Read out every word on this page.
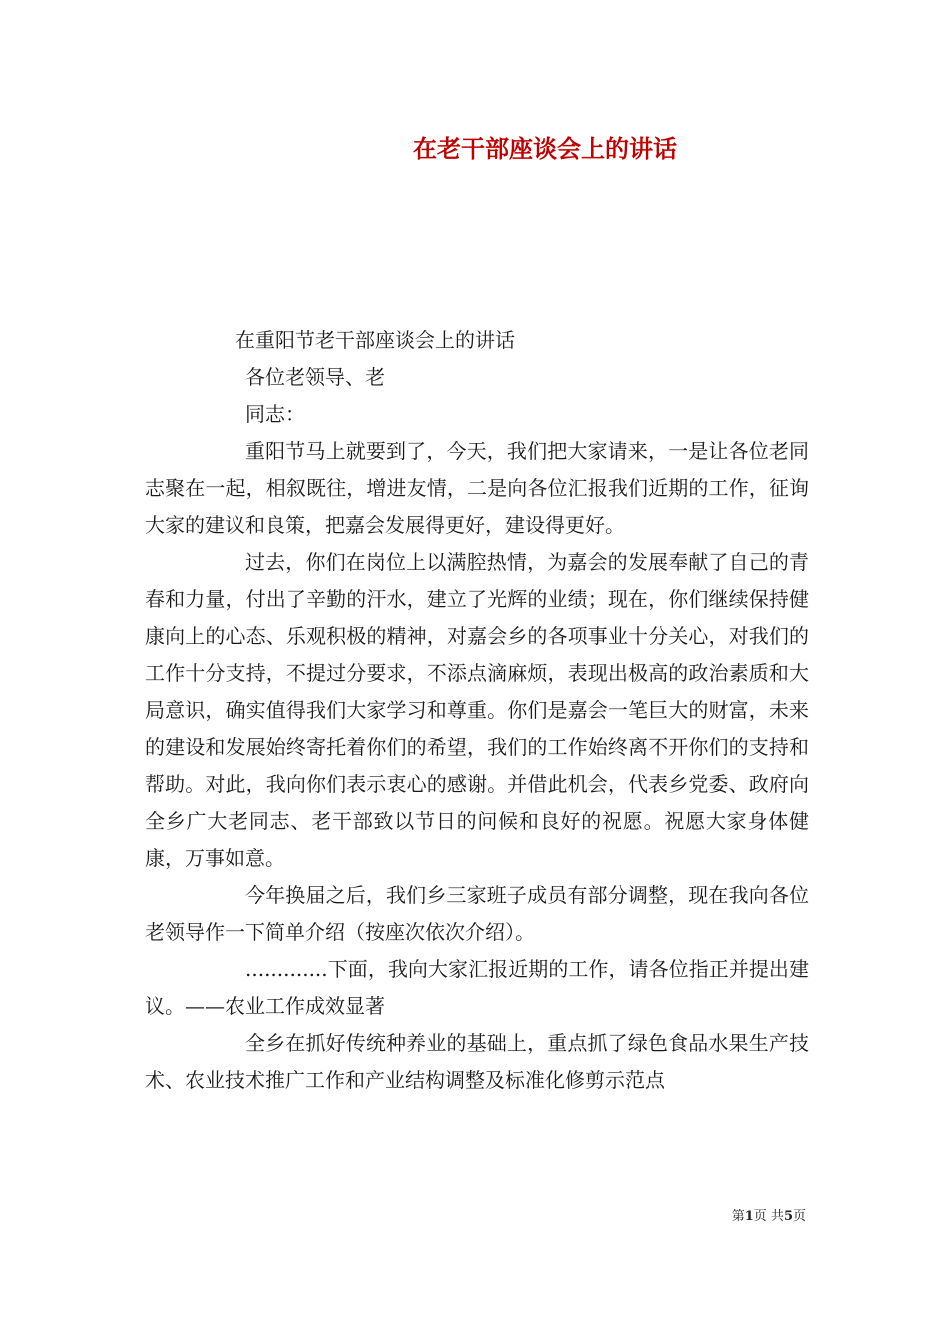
在老干部座谈会上的讲话

在重阳节老干部座谈会上的讲话

各位老领导、老

同志：

重阳节马上就要到了，今天，我们把大家请来，一是让各位老同志聚在一起，相叙既往，增进友情，二是向各位汇报我们近期的工作，征询大家的建议和良策，把嘉会发展得更好，建设得更好。

过去，你们在岗位上以满腔热情，为嘉会的发展奉献了自己的青春和力量，付出了辛勤的汗水，建立了光辉的业绩；现在，你们继续保持健康向上的心态、乐观积极的精神，对嘉会乡的各项事业十分关心，对我们的工作十分支持，不提过分要求，不添点滴麻烦，表现出极高的政治素质和大局意识，确实值得我们大家学习和尊重。你们是嘉会一笔巨大的财富，未来的建设和发展始终寄托着你们的希望，我们的工作始终离不开你们的支持和帮助。对此，我向你们表示衷心的感谢。并借此机会，代表乡党委、政府向全乡广大老同志、老干部致以节日的问候和良好的祝愿。祝愿大家身体健康，万事如意。

今年换届之后，我们乡三家班子成员有部分调整，现在我向各位老领导作一下简单介绍（按座次依次介绍）。

.............下面，我向大家汇报近期的工作，请各位指正并提出建议。——农业工作成效显著

全乡在抓好传统种养业的基础上，重点抓了绿色食品水果生产技术、农业技术推广工作和产业结构调整及标准化修剪示范点

第1页 共5页
